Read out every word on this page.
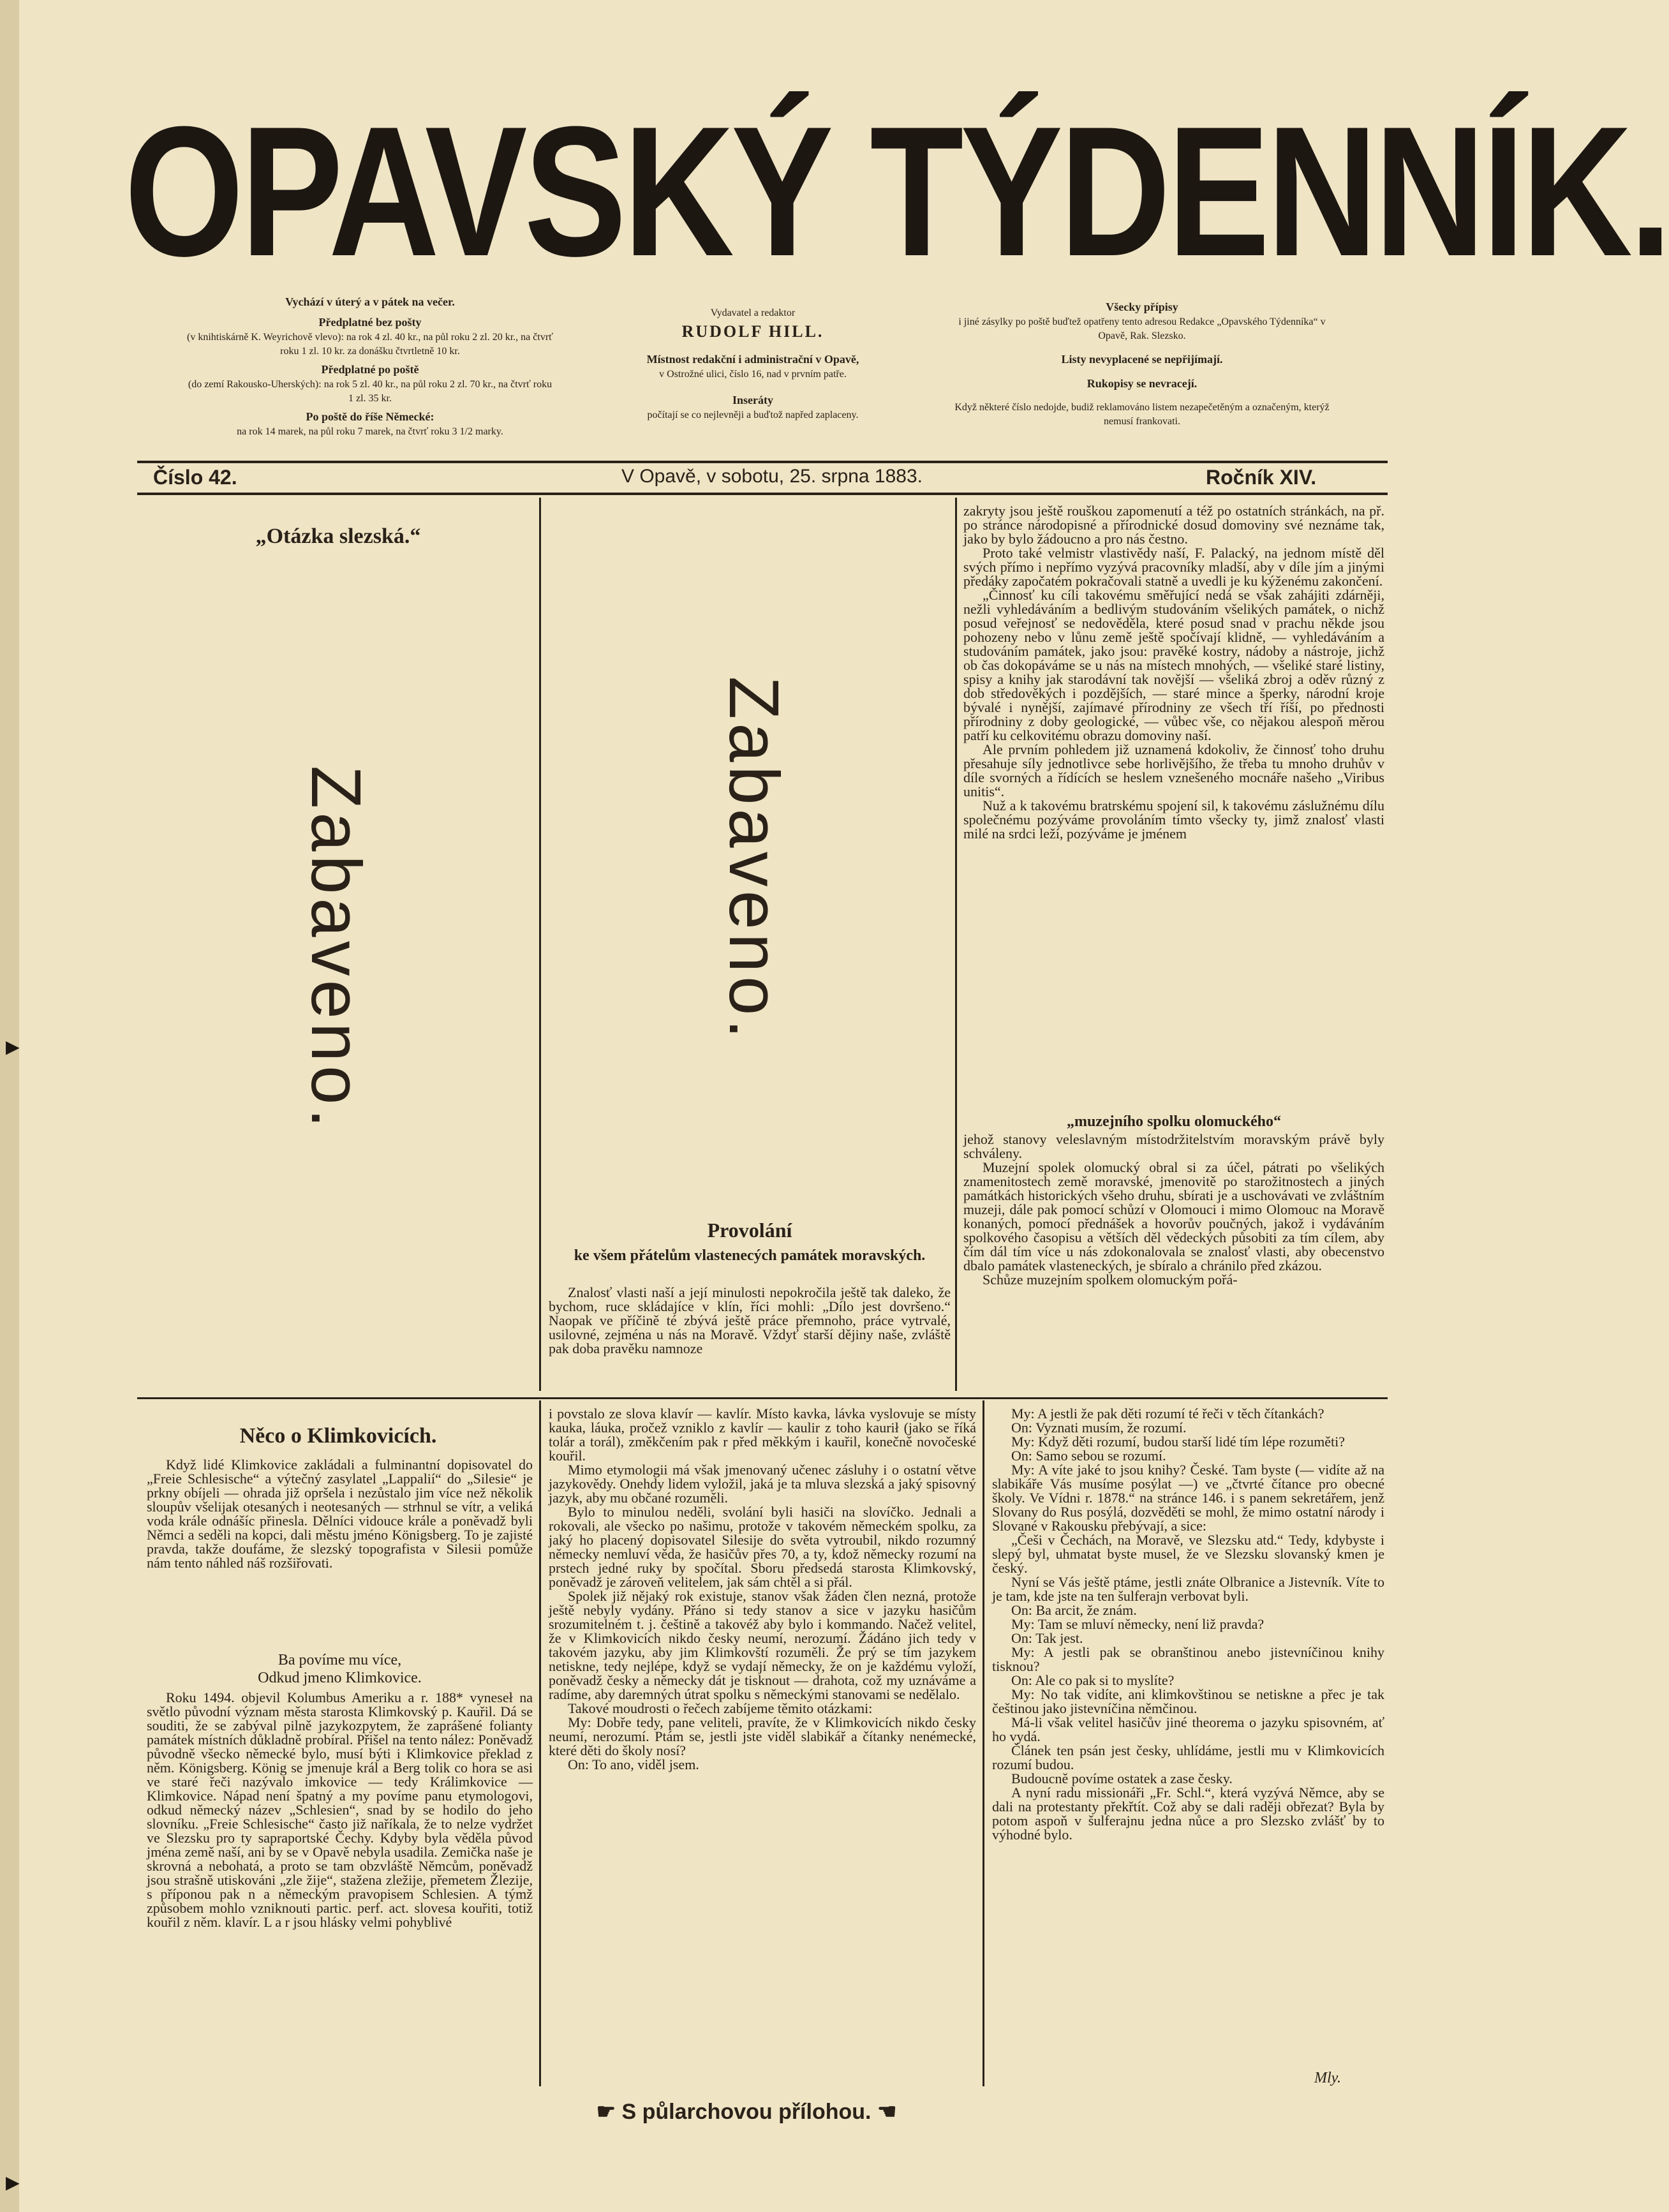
►
►
OPAVSKÝ TÝDENNÍK.
Vychází v úterý a v pátek na večer.
Předplatné bez pošty
(v knihtiskárně K. Weyrichově vlevo): na rok 4 zl. 40 kr., na půl roku 2 zl. 20 kr., na čtvrť roku 1 zl. 10 kr. za donášku čtvrtletně 10 kr.
Předplatné po poště
(do zemí Rakousko-Uherských): na rok 5 zl. 40 kr., na půl roku 2 zl. 70 kr., na čtvrť roku 1 zl. 35 kr.
Po poště do říše Německé:
na rok 14 marek, na půl roku 7 marek, na čtvrť roku 3 1/2 marky.
Vydavatel a redaktor
RUDOLF HILL.
Místnost redakční i administrační v Opavě,
v Ostrožné ulici, číslo 16, nad v prvním patře.
Inseráty
počítají se co nejlevněji a buďtož napřed zaplaceny.
Všecky přípisy
i jiné zásylky po poště buďtež opatřeny tento adresou Redakce „Opavského Týdenníka“ v Opavě, Rak. Slezsko.
Listy nevyplacené se nepřijímají.
Rukopisy se nevracejí.
Když některé číslo nedojde, budiž reklamováno listem nezapečetěným a označeným, kterýž nemusí frankovati.
Číslo 42.	V Opavě, v sobotu, 25. srpna 1883.	Ročník XIV.
„Otázka slezská.“
Zabaveno.	Zabaveno.
Provolání
ke všem přátelům vlastenecých památek moravských.

Znalosť vlasti naší a její minulosti nepokročila ještě tak daleko, že bychom, ruce skládajíce v klín, říci mohli: „Dílo jest dovršeno.“ Naopak ve příčině té zbývá ještě práce přemnoho, práce vytrvalé, usilovné, zejména u nás na Moravě. Vždyť starší dějiny naše, zvláště pak doba pravěku namnoze

zakryty jsou ještě rouškou zapomenutí a též po ostatních stránkách, na př. po stránce národopisné a přírodnické dosud domoviny své neznáme tak, jako by bylo žádoucno a pro nás čestno.

Proto také velmistr vlastivědy naší, F. Palacký, na jednom místě děl svých přímo i nepřímo vyzývá pracovníky mladší, aby v díle jím a jinými předáky započatém pokračovali statně a uvedli je ku kýženému zakončení.

„Činnosť ku cíli takovému směřující nedá se však zahájiti zdárněji, nežli vyhledáváním a bedlivým studováním všelikých památek, o nichž posud veřejnosť se nedověděla, které posud snad v prachu někde jsou pohozeny nebo v lůnu země ještě spočívají klidně, — vyhledáváním a studováním památek, jako jsou: pravěké kostry, nádoby a nástroje, jichž ob čas dokopáváme se u nás na místech mnohých, — všeliké staré listiny, spisy a knihy jak starodávní tak novější — všeliká zbroj a oděv různý z dob středověkých i pozdějších, — staré mince a šperky, národní kroje bývalé i nynější, zajímavé přírodniny ze všech tří říší, po přednosti přírodniny z doby geologické, — vůbec vše, co nějakou alespoň měrou patří ku celkovitému obrazu domoviny naší.

Ale prvním pohledem již uznamená kdokoliv, že činnosť toho druhu přesahuje síly jednotlivce sebe horlivějšího, že třeba tu mnoho druhův v díle svorných a řídících se heslem vznešeného mocnáře našeho „Viribus unitis“.

Nuž a k takovému bratrskému spojení sil, k takovému záslužnému dílu společnému pozýváme provoláním tímto všecky ty, jimž znalosť vlasti milé na srdci leží, pozýváme je jménem

„muzejního spolku olomuckého“

jehož stanovy veleslavným místodržitelstvím moravským právě byly schváleny.

Muzejní spolek olomucký obral si za účel, pátrati po všelikých znamenitostech země moravské, jmenovitě po starožitnostech a jiných památkách historických všeho druhu, sbírati je a uschovávati ve zvláštním muzeji, dále pak pomocí schůzí v Olomouci i mimo Olomouc na Moravě konaných, pomocí přednášek a hovorův poučných, jakož i vydáváním spolkového časopisu a větších děl vědeckých působiti za tím cílem, aby čím dál tím více u nás zdokonalovala se znalosť vlasti, aby obecenstvo dbalo památek vlasteneckých, je sbíralo a chránilo před zkázou.

Schůze muzejním spolkem olomuckým pořá-

Něco o Klimkovicích.

Když lidé Klimkovice zakládali a fulminantní dopisovatel do „Freie Schlesische“ a výtečný zasylatel „Lappalií“ do „Silesie“ je prkny obíjeli — ohrada již opršela i nezůstalo jim více než několik sloupův všelijak otesaných i neotesaných — strhnul se vítr, a veliká voda krále odnášíc přinesla. Dělníci vidouce krále a poněvadž byli Němci a seděli na kopci, dali městu jméno Königsberg. To je zajisté pravda, takže doufáme, že slezský topografista v Silesii pomůže nám tento náhled náš rozšiřovati.

Ba povíme mu více,
Odkud jmeno Klimkovice.

Roku 1494. objevil Kolumbus Ameriku a r. 188* vyneseł na světlo původní význam města starosta Klimkovský p. Kauřil. Dá se souditi, že se zabýval pilně jazykozpytem, že zaprášené folianty památek místních důkladně probíral. Přišel na tento nález: Poněvadž původně všecko německé bylo, musí býti i Klimkovice překlad z něm. Königsberg. König se jmenuje král a Berg tolik co hora se asi ve staré řeči nazývalo imkovice — tedy Králimkovice — Klimkovice. Nápad není špatný a my povíme panu etymologovi, odkud německý název „Schlesien“, snad by se hodilo do jeho slovníku. „Freie Schlesische“ často již naříkala, že to nelze vydržet ve Slezsku pro ty sapraportské Čechy. Kdyby byla věděla původ jména země naší, ani by se v Opavě nebyla usadila. Zemička naše je skrovná a nebohatá, a proto se tam obzvláště Němcům, poněvadž jsou strašně utiskováni „zle žije“, stažena zležije, přemetem Žlezije, s příponou pak n a německým pravopisem Schlesien. A týmž způsobem mohlo vzniknouti partic. perf. act. slovesa kouřiti, totiž kouřil z něm. klavír. L a r jsou hlásky velmi pohyblivé

i povstalo ze slova klavír — kavlír. Místo kavka, lávka vyslovuje se místy kauka, láuka, pročež vzniklo z kavlír — kaulir z toho kaurił (jako se říká tolár a torál), změkčením pak r před měkkým i kauřil, konečně novočeské kouřil.

Mimo etymologii má však jmenovaný učenec zásluhy i o ostatní větve jazykovědy. Onehdy lidem vyložil, jaká je ta mluva slezská a jaký spisovný jazyk, aby mu občané rozuměli.

Bylo to minulou neděli, svolání byli hasiči na slovíčko. Jednali a rokovali, ale všecko po našimu, protože v takovém německém spolku, za jaký ho placený dopisovatel Silesije do světa vytroubil, nikdo rozumný německy nemluví věda, že hasičův přes 70, a ty, kdož německy rozumí na prstech jedné ruky by spočítal. Sboru předsedá starosta Klimkovský, poněvadž je zároveň velitelem, jak sám chtěl a si přál.

Spolek již nějaký rok existuje, stanov však žáden člen nezná, protože ještě nebyly vydány. Přáno si tedy stanov a sice v jazyku hasičům srozumitelném t. j. češtině a takovéž aby bylo i kommando. Načež velitel, že v Klimkovicích nikdo česky neumí, nerozumí. Žádáno jich tedy v takovém jazyku, aby jim Klimkovští rozuměli. Že prý se tím jazykem netiskne, tedy nejlépe, když se vydají německy, že on je každému vyloží, poněvadž česky a německy dát je tisknout — drahota, což my uznáváme a radíme, aby daremných útrat spolku s německými stanovami se nedělalo.

Takové moudrosti o řečech zabíjeme těmito otázkami:

My: Dobře tedy, pane veliteli, pravíte, že v Klimkovicích nikdo česky neumí, nerozumí. Ptám se, jestli jste viděl slabikář a čítanky nenémecké, které děti do školy nosí?

On: To ano, viděl jsem.

My: A jestli že pak děti rozumí té řeči v těch čítankách?

On: Vyznati musím, že rozumí.

My: Když děti rozumí, budou starší lidé tím lépe rozuměti?

On: Samo sebou se rozumí.

My: A víte jaké to jsou knihy? České. Tam byste (— vidíte až na slabikáře Vás musíme posýlat —) ve „čtvrté čítance pro obecné školy. Ve Vídni r. 1878.“ na stránce 146. i s panem sekretářem, jenž Slovany do Rus posýlá, dozvěděti se mohl, že mimo ostatní národy i Slované v Rakousku přebývají, a sice:

„Češi v Čechách, na Moravě, ve Slezsku atd.“ Tedy, kdybyste i slepý byl, uhmatat byste musel, že ve Slezsku slovanský kmen je český.

Nyní se Vás ještě ptáme, jestli znáte Olbranice a Jistevník. Víte to je tam, kde jste na ten šulferajn verbovat byli.

On: Ba arcit, že znám.

My: Tam se mluví německy, není liž pravda?

On: Tak jest.

My: A jestli pak se obranštinou anebo jistevníčinou knihy tisknou?

On: Ale co pak si to myslíte?

My: No tak vidíte, ani klimkovštinou se netiskne a přec je tak češtinou jako jistevníčina němčinou.

Má-li však velitel hasičův jiné theorema o jazyku spisovném, ať ho vydá.

Článek ten psán jest česky, uhlídáme, jestli mu v Klimkovicích rozumí budou.

Budoucně povíme ostatek a zase česky.

A nyní radu missionáři „Fr. Schl.“, která vyzývá Němce, aby se dali na protestanty překřtít. Což aby se dali raději obřezat? Byla by potom aspoň v šulferajnu jedna nůce a pro Slezsko zvlášť by to výhodné bylo.

Mly.
☛ S půlarchovou přílohou. ☚
